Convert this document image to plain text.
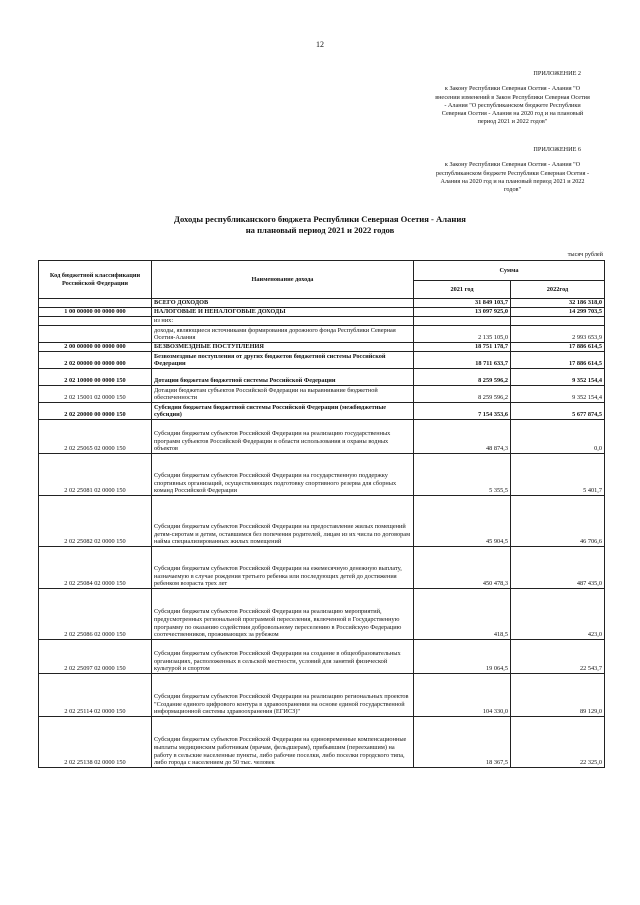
12
ПРИЛОЖЕНИЕ 2
к Закону Республики Северная Осетия - Алания "О
внесении изменений в Закон Республики Северная Осетия
- Алания "О республиканском бюджете Республики
Северная Осетия - Алания на 2020 год и на плановый
период 2021 и 2022 годов"
ПРИЛОЖЕНИЕ 6
к Закону Республики Северная Осетия - Алания "О
республиканском бюджете Республики Северная Осетия -
Алания на 2020 год и на плановый период 2021 и 2022
годов"
Доходы республиканского бюджета Республики Северная Осетия - Алания
на плановый период 2021 и 2022 годов
тысяч рублей
Код бюджетной классификации Российской Федерации	Наименование дохода	Сумма	
		2021 год	2022год
	ВСЕГО ДОХОДОВ	31 849 103,7	32 186 318,0
1 00 00000 00 0000 000	НАЛОГОВЫЕ И НЕНАЛОГОВЫЕ ДОХОДЫ	13 097 925,0	14 299 703,5
	из них:		
	доходы, являющиеся источниками формирования дорожного фонда Республики Северная Осетия-Алания	2 135 105,0	2 993 653,9
2 00 00000 00 0000 000	БЕЗВОЗМЕЗДНЫЕ ПОСТУПЛЕНИЯ	18 751 178,7	17 886 614,5
2 02 00000 00 0000 000	Безвозмездные поступления от других бюджетов бюджетной системы Российской Федерации	18 711 633,7	17 886 614,5
2 02 10000 00 0000 150	Дотации бюджетам бюджетной системы Российской Федерации	8 259 596,2	9 352 154,4
2 02 15001 02 0000 150	Дотации бюджетам субъектов Российской Федерации на выравнивание бюджетной обеспеченности	8 259 596,2	9 352 154,4
2 02 20000 00 0000 150	Субсидии бюджетам бюджетной системы Российской Федерации (межбюджетные субсидии)	7 154 353,6	5 677 874,5
2 02 25065 02 0000 150	Субсидии бюджетам субъектов Российской Федерации на реализацию государственных программ субъектов Российской Федерации в области использования и охраны водных объектов	48 874,3	0,0
2 02 25081 02 0000 150	Субсидии бюджетам субъектов Российской Федерации на государственную поддержку спортивных организаций, осуществляющих подготовку спортивного резерва для сборных команд Российской Федерации	5 355,5	5 401,7
2 02 25082 02 0000 150	Субсидии бюджетам субъектов Российской Федерации на предоставление жилых помещений детям-сиротам и детям, оставшимся без попечения родителей, лицам из их числа по договорам найма специализированных жилых помещений	45 904,5	46 706,6
2 02 25084 02 0000 150	Субсидии бюджетам субъектов Российской Федерации на ежемесячную денежную выплату, назначаемую в случае рождения третьего ребенка или последующих детей до достижения ребенком возраста трех лет	450 478,3	487 435,0
2 02 25086 02 0000 150	Субсидии бюджетам субъектов Российской Федерации на реализацию мероприятий, предусмотренных региональной программой переселения, включенной в Государственную программу по оказанию содействия добровольному переселению в Российскую Федерацию соотечественников, проживающих за рубежом	418,5	423,0
2 02 25097 02 0000 150	Субсидии бюджетам субъектов Российской Федерации на создание в общеобразовательных организациях, расположенных в сельской местности, условий для занятий физической культурой и спортом	19 064,5	22 543,7
2 02 25114 02 0000 150	Субсидии бюджетам субъектов Российской Федерации на реализацию региональных проектов "Создание единого цифрового контура в здравоохранении на основе единой государственной информационной системы здравоохранения (ЕГИСЗ)"	104 330,0	89 129,0
2 02 25138 02 0000 150	Субсидии бюджетам субъектов Российской Федерации на единовременные компенсационные выплаты медицинским работникам (врачам, фельдшерам), прибывшим (переехавшим) на работу в сельские населенные пункты, либо рабочие поселки, либо поселки городского типа, либо города с населением до 50 тыс. человек	18 367,5	22 325,0
